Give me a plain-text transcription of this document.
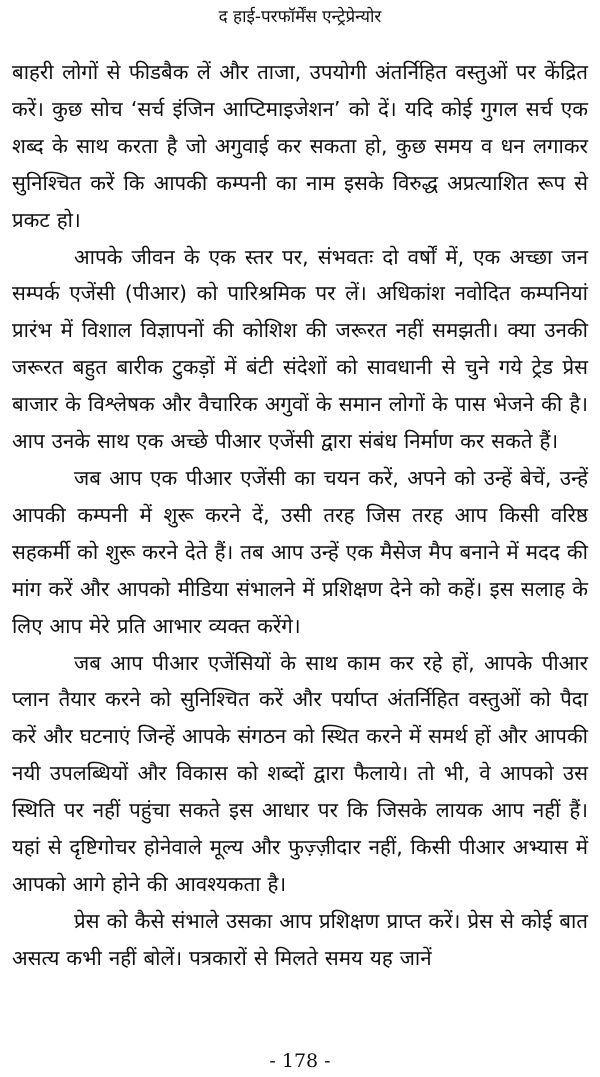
द हाई-परफॉर्मेंस एन्ट्रेप्रेन्योर

बाहरी लोगों से फीडबैक लें और ताजा, उपयोगी अंतर्निहित वस्तुओं पर केंद्रित करें। कुछ सोच ‘सर्च इंजिन आप्टिमाइजेशन’ को दें। यदि कोई गुगल सर्च एक शब्द के साथ करता है जो अगुवाई कर सकता हो, कुछ समय व धन लगाकर सुनिश्चित करें कि आपकी कम्पनी का नाम इसके विरुद्ध अप्रत्याशित रूप से प्रकट हो।

आपके जीवन के एक स्तर पर, संभवतः दो वर्षों में, एक अच्छा जन सम्पर्क एजेंसी (पीआर) को पारिश्रमिक पर लें। अधिकांश नवोदित कम्पनियां प्रारंभ में विशाल विज्ञापनों की कोशिश की जरूरत नहीं समझती। क्या उनकी जरूरत बहुत बारीक टुकड़ों में बंटी संदेशों को सावधानी से चुने गये ट्रेड प्रेस बाजार के विश्लेषक और वैचारिक अगुवों के समान लोगों के पास भेजने की है। आप उनके साथ एक अच्छे पीआर एजेंसी द्वारा संबंध निर्माण कर सकते हैं।

जब आप एक पीआर एजेंसी का चयन करें, अपने को उन्हें बेचें, उन्हें आपकी कम्पनी में शुरू करने दें, उसी तरह जिस तरह आप किसी वरिष्ठ सहकर्मी को शुरू करने देते हैं। तब आप उन्हें एक मैसेज मैप बनाने में मदद की मांग करें और आपको मीडिया संभालने में प्रशिक्षण देने को कहें। इस सलाह के लिए आप मेरे प्रति आभार व्यक्त करेंगे।

जब आप पीआर एजेंसियों के साथ काम कर रहे हों, आपके पीआर प्लान तैयार करने को सुनिश्चित करें और पर्याप्त अंतर्निहित वस्तुओं को पैदा करें और घटनाएं जिन्हें आपके संगठन को स्थित करने में समर्थ हों और आपकी नयी उपलब्धियों और विकास को शब्दों द्वारा फैलाये। तो भी, वे आपको उस स्थिति पर नहीं पहुंचा सकते इस आधार पर कि जिसके लायक आप नहीं हैं। यहां से दृष्टिगोचर होनेवाले मूल्य और फुज़्ज़ीदार नहीं, किसी पीआर अभ्यास में आपको आगे होने की आवश्यकता है।

प्रेस को कैसे संभाले उसका आप प्रशिक्षण प्राप्त करें। प्रेस से कोई बात असत्य कभी नहीं बोलें। पत्रकारों से मिलते समय यह जानें

- 178 -
